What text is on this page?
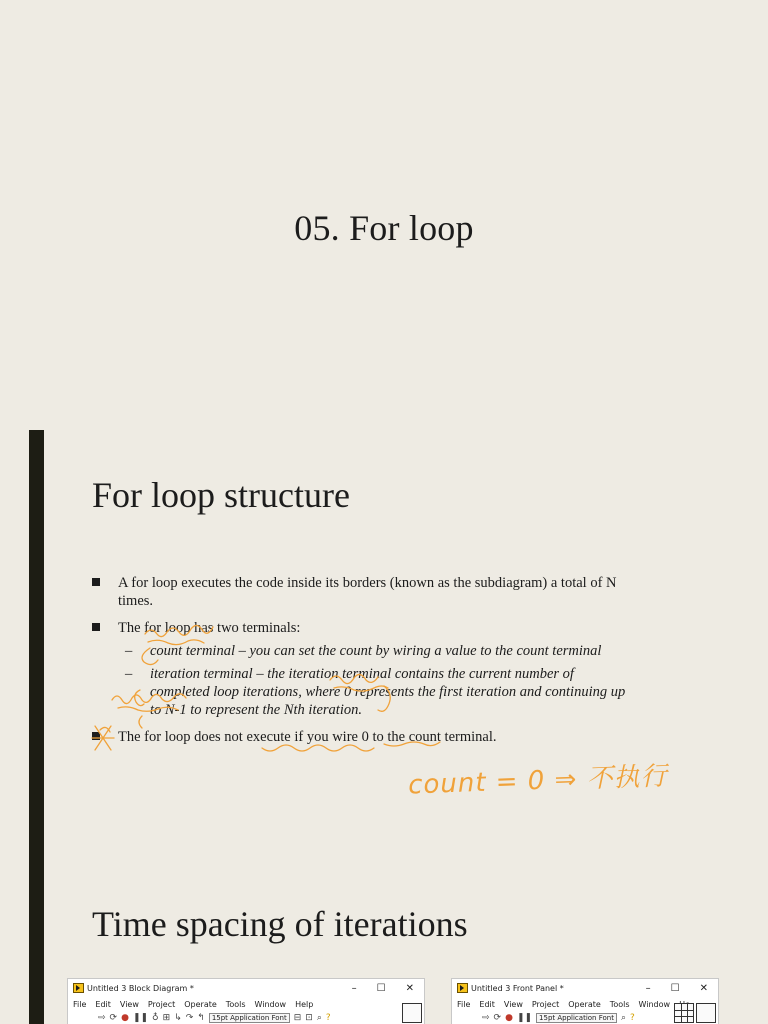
05. For loop
For loop structure
A for loop executes the code inside its borders (known as the subdiagram) a total of N
times.
The for loop has two terminals:
– count terminal – you can set the count by wiring a value to the count terminal
– iteration terminal – the iteration terminal contains the current number of
completed loop iterations, where 0 represents the first iteration and continuing up
to N-1 to represent the Nth iteration.
The for loop does not execute if you wire 0 to the count terminal.
count = 0 ⇒ 不执行
Time spacing of iterations
Untitled 3 Block Diagram *	– ☐ ✕
File Edit View Project Operate Tools Window Help
⇨ ⟳ ● ❚❚ ♁ ⊞ ↳ ↷ ↰	15pt Application Font ⊟ ⊡ ⌕ ?
Untitled 3 Front Panel *	– ☐ ✕
File Edit View Project Operate Tools Window
⇨ ⟳ ● ❚❚	15pt Application Font ⌕ ?
